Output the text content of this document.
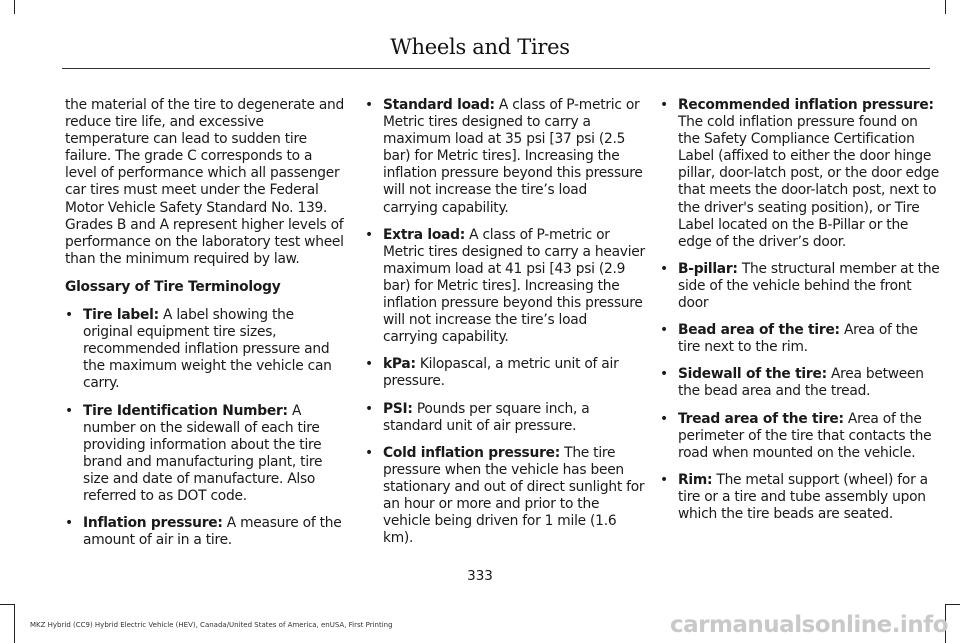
Wheels and Tires

the material of the tire to degenerate and reduce tire life, and excessive temperature can lead to sudden tire failure. The grade C corresponds to a level of performance which all passenger car tires must meet under the Federal Motor Vehicle Safety Standard No. 139. Grades B and A represent higher levels of performance on the laboratory test wheel than the minimum required by law.

Glossary of Tire Terminology

• Tire label: A label showing the original equipment tire sizes, recommended inflation pressure and the maximum weight the vehicle can carry.
• Tire Identification Number: A number on the sidewall of each tire providing information about the tire brand and manufacturing plant, tire size and date of manufacture. Also referred to as DOT code.
• Inflation pressure: A measure of the amount of air in a tire.
• Standard load: A class of P-metric or Metric tires designed to carry a maximum load at 35 psi [37 psi (2.5 bar) for Metric tires]. Increasing the inflation pressure beyond this pressure will not increase the tire’s load carrying capability.
• Extra load: A class of P-metric or Metric tires designed to carry a heavier maximum load at 41 psi [43 psi (2.9 bar) for Metric tires]. Increasing the inflation pressure beyond this pressure will not increase the tire’s load carrying capability.
• kPa: Kilopascal, a metric unit of air pressure.
• PSI: Pounds per square inch, a standard unit of air pressure.
• Cold inflation pressure: The tire pressure when the vehicle has been stationary and out of direct sunlight for an hour or more and prior to the vehicle being driven for 1 mile (1.6 km).
• Recommended inflation pressure: The cold inflation pressure found on the Safety Compliance Certification Label (affixed to either the door hinge pillar, door-latch post, or the door edge that meets the door-latch post, next to the driver's seating position), or Tire Label located on the B-Pillar or the edge of the driver’s door.
• B-pillar: The structural member at the side of the vehicle behind the front door
• Bead area of the tire: Area of the tire next to the rim.
• Sidewall of the tire: Area between the bead area and the tread.
• Tread area of the tire: Area of the perimeter of the tire that contacts the road when mounted on the vehicle.
• Rim: The metal support (wheel) for a tire or a tire and tube assembly upon which the tire beads are seated.
333
MKZ Hybrid (CC9) Hybrid Electric Vehicle (HEV), Canada/United States of America, enUSA, First Printing	carmanualsonline.info
